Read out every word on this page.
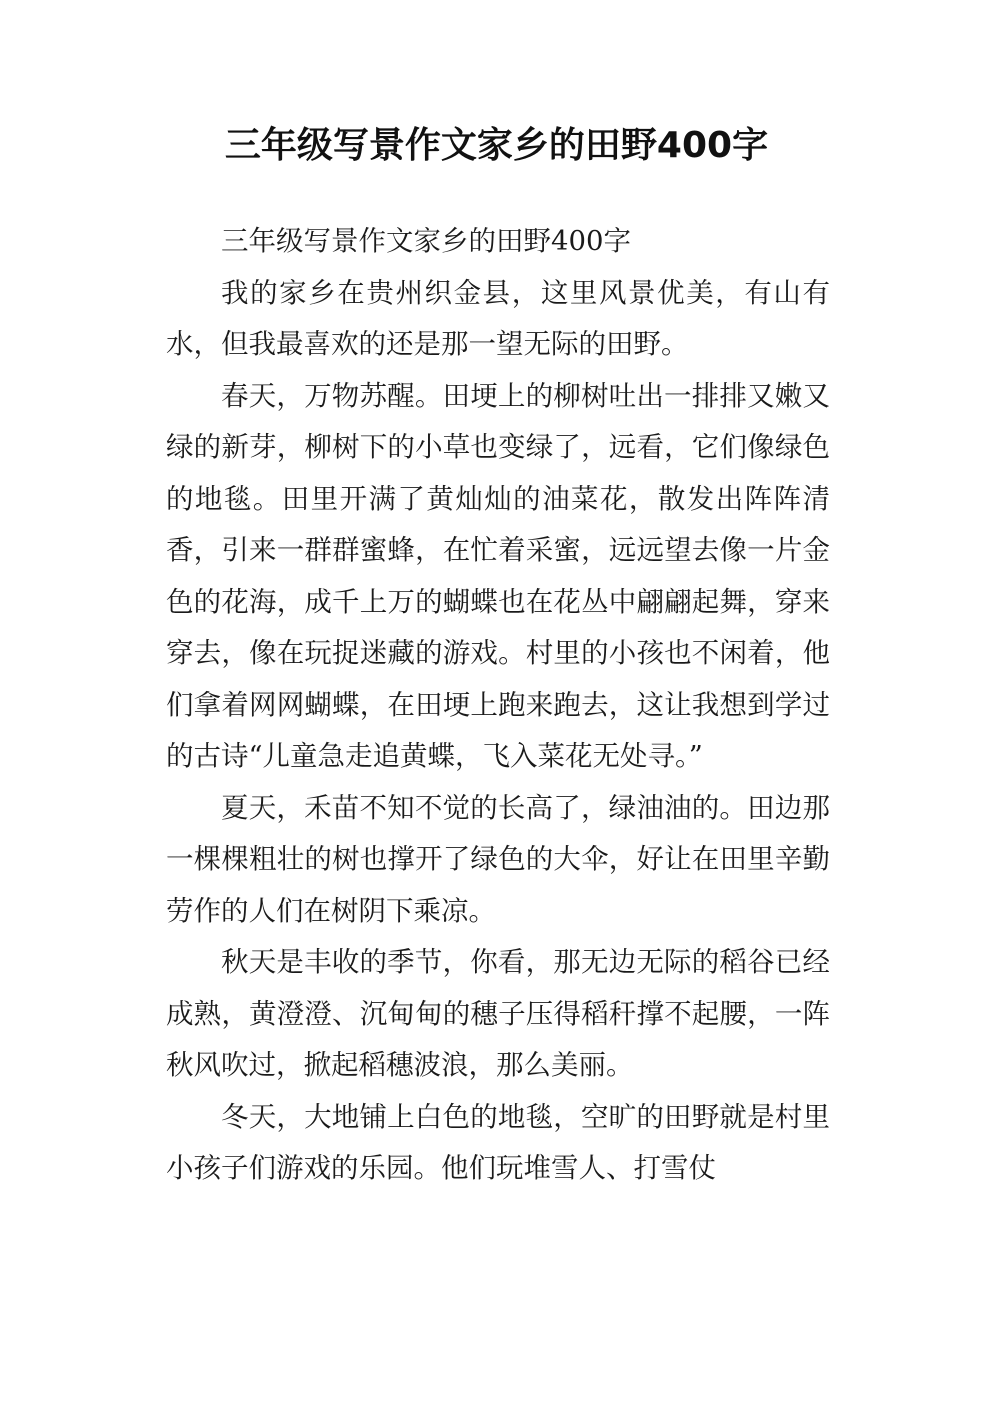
三年级写景作文家乡的田野400字

三年级写景作文家乡的田野400字

我的家乡在贵州织金县，这里风景优美，有山有水，但我最喜欢的还是那一望无际的田野。

春天，万物苏醒。田埂上的柳树吐出一排排又嫩又绿的新芽，柳树下的小草也变绿了，远看，它们像绿色的地毯。田里开满了黄灿灿的油菜花，散发出阵阵清香，引来一群群蜜蜂，在忙着采蜜，远远望去像一片金色的花海，成千上万的蝴蝶也在花丛中翩翩起舞，穿来穿去，像在玩捉迷藏的游戏。村里的小孩也不闲着，他们拿着网网蝴蝶，在田埂上跑来跑去，这让我想到学过的古诗“儿童急走追黄蝶，飞入菜花无处寻。”

夏天，禾苗不知不觉的长高了，绿油油的。田边那一棵棵粗壮的树也撑开了绿色的大伞，好让在田里辛勤劳作的人们在树阴下乘凉。

秋天是丰收的季节，你看，那无边无际的稻谷已经成熟，黄澄澄、沉甸甸的穗子压得稻秆撑不起腰，一阵秋风吹过，掀起稻穗波浪，那么美丽。

冬天，大地铺上白色的地毯，空旷的田野就是村里小孩子们游戏的乐园。他们玩堆雪人、打雪仗
